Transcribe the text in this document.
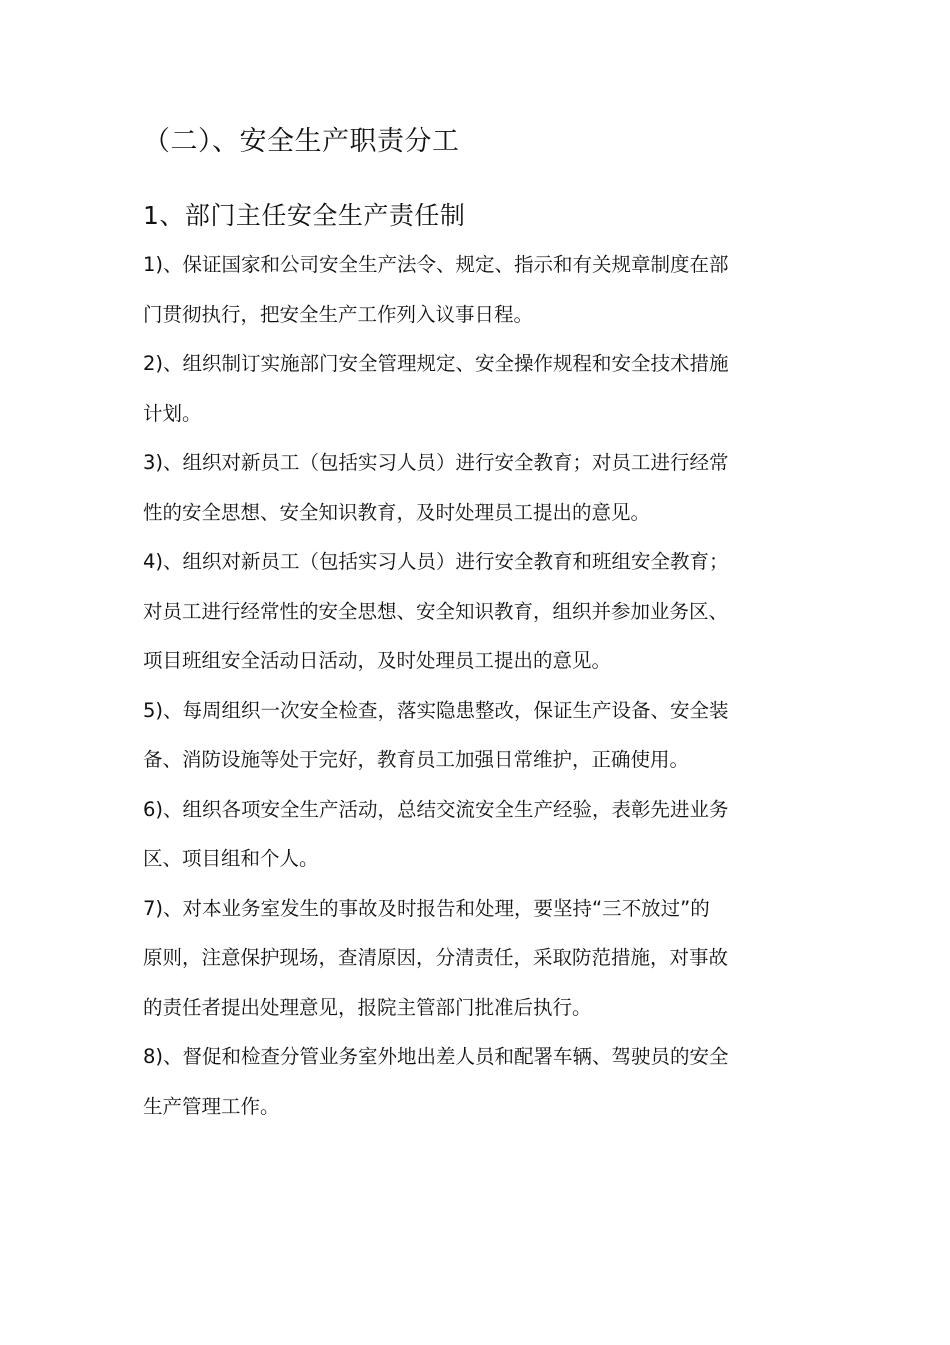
（二）、安全生产职责分工
1、部门主任安全生产责任制

1)、保证国家和公司安全生产法令、规定、指示和有关规章制度在部
门贯彻执行，把安全生产工作列入议事日程。

2)、组织制订实施部门安全管理规定、安全操作规程和安全技术措施
计划。

3)、组织对新员工（包括实习人员）进行安全教育；对员工进行经常
性的安全思想、安全知识教育，及时处理员工提出的意见。

4)、组织对新员工（包括实习人员）进行安全教育和班组安全教育；
对员工进行经常性的安全思想、安全知识教育，组织并参加业务区、
项目班组安全活动日活动，及时处理员工提出的意见。

5)、每周组织一次安全检查，落实隐患整改，保证生产设备、安全装
备、消防设施等处于完好，教育员工加强日常维护，正确使用。

6)、组织各项安全生产活动，总结交流安全生产经验，表彰先进业务
区、项目组和个人。

7)、对本业务室发生的事故及时报告和处理，要坚持“三不放过”的
原则，注意保护现场，查清原因，分清责任，采取防范措施，对事故
的责任者提出处理意见，报院主管部门批准后执行。

8)、督促和检查分管业务室外地出差人员和配署车辆、驾驶员的安全
生产管理工作。
